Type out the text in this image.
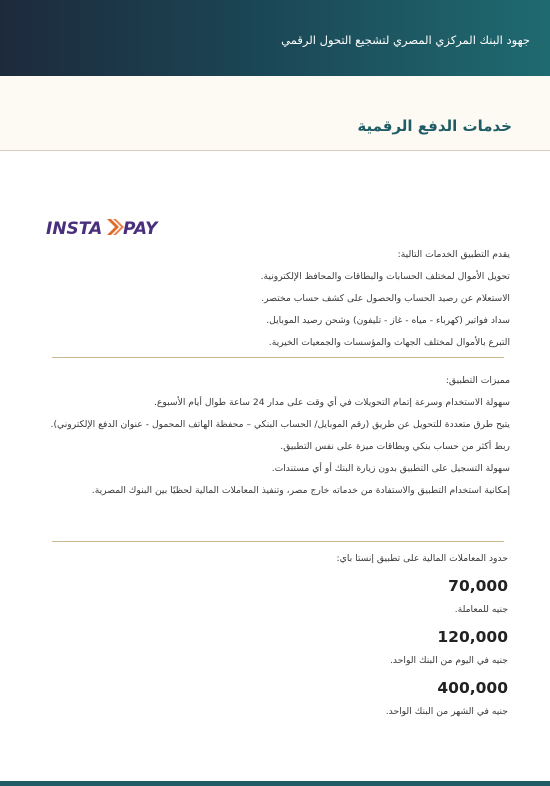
جهود البنك المركزي المصري لتشجيع التحول الرقمي
خدمات الدفع الرقمية
INSTA PAY
يقدم التطبيق الخدمات التالية:
تحويل الأموال لمختلف الحسابات والبطاقات والمحافظ الإلكترونية.
الاستعلام عن رصيد الحساب والحصول على كشف حساب مختصر.
سداد فواتير (كهرباء - مياه - غاز - تليفون) وشحن رصيد الموبايل.
التبرع بالأموال لمختلف الجهات والمؤسسات والجمعيات الخيرية.
مميزات التطبيق:
سهولة الاستخدام وسرعة إتمام التحويلات في أي وقت على مدار 24 ساعة طوال أيام الأسبوع.
يتيح طرق متعددة للتحويل عن طريق (رقم الموبايل/ الحساب البنكي – محفظة الهاتف المحمول - عنوان الدفع الإلكتروني).
ربط أكثر من حساب بنكي وبطاقات ميزة على نفس التطبيق.
سهولة التسجيل على التطبيق بدون زيارة البنك أو أي مستندات.
إمكانية استخدام التطبيق والاستفادة من خدماته خارج مصر، وتنفيذ المعاملات المالية لحظيًا بين البنوك المصرية.
حدود المعاملات المالية على تطبيق إنستا باي:
70,000
جنيه للمعاملة.
120,000
جنيه في اليوم من البنك الواحد.
400,000
جنيه في الشهر من البنك الواحد.
